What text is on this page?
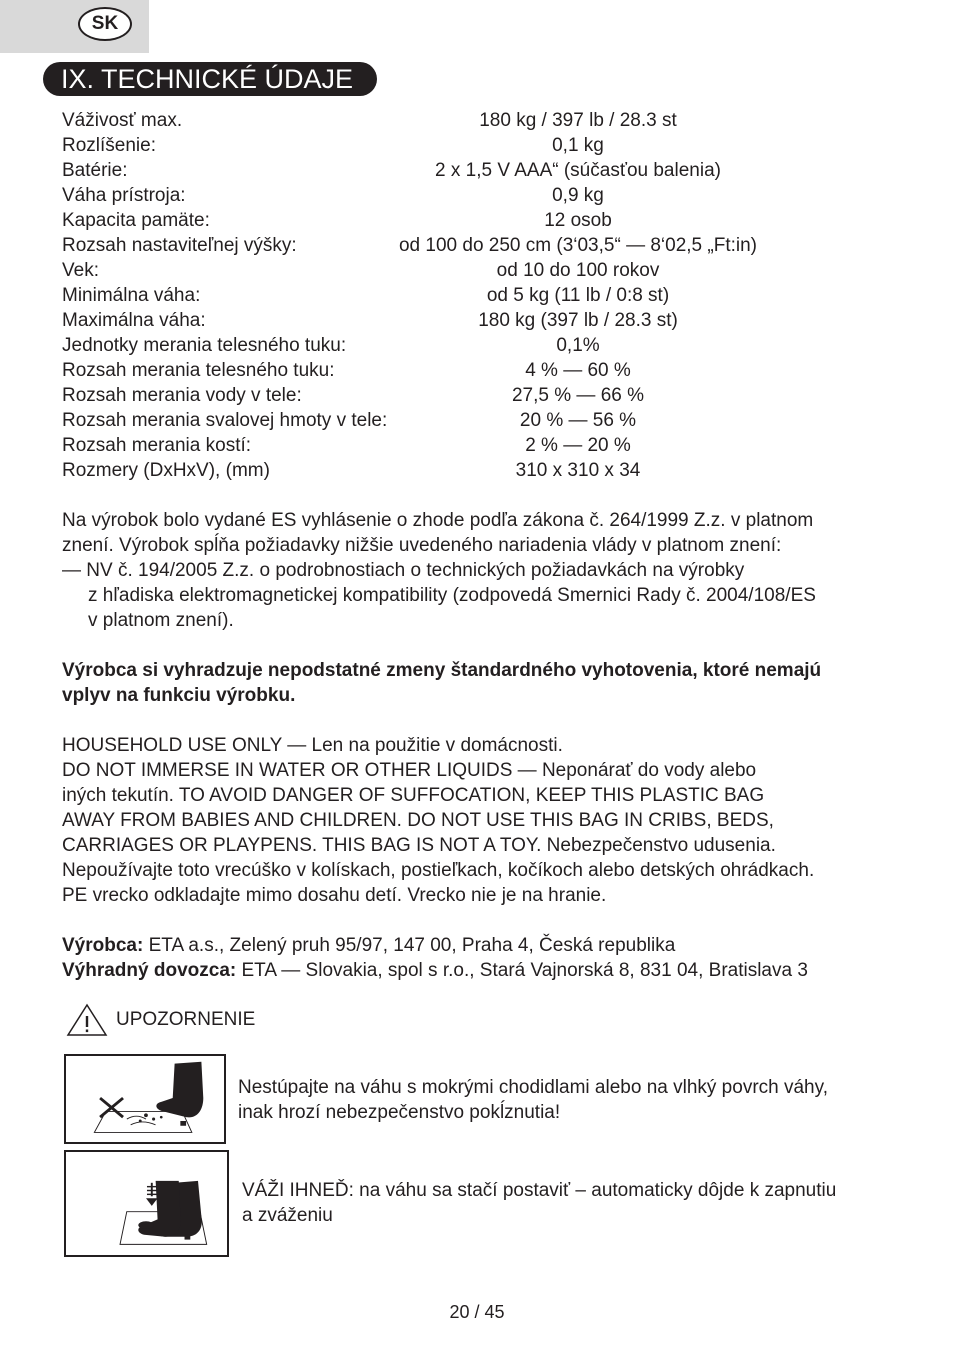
SK
IX. TECHNICKÉ ÚDAJE
Váživosť max.	180 kg / 397 lb / 28.3 st
Rozlíšenie:	0,1 kg
Batérie:	2 x 1,5 V AAA“ (súčasťou balenia)
Váha prístroja:	0,9 kg
Kapacita pamäte:	12 osob
Rozsah nastaviteľnej výšky:	od 100 do 250 cm (3‘03,5“ — 8‘02,5 „Ft:in)
Vek:	od 10 do 100 rokov
Minimálna váha:	od 5 kg (11 lb / 0:8 st)
Maximálna váha:	180 kg (397 lb / 28.3 st)
Jednotky merania telesného tuku:	0,1%
Rozsah merania telesného tuku:	4 % — 60 %
Rozsah merania vody v tele:	27,5 % — 66 %
Rozsah merania svalovej hmoty v tele:	20 % — 56 %
Rozsah merania kostí:	2 % — 20 %
Rozmery (DxHxV), (mm)	310 x 310 x 34

Na výrobok bolo vydané ES vyhlásenie o zhode podľa zákona č. 264/1999 Z.z. v platnom

znení. Výrobok spĺňa požiadavky nižšie uvedeného nariadenia vlády v platnom znení:

— NV č. 194/2005 Z.z. o podrobnostiach o technických požiadavkách na výrobky

z hľadiska elektromagnetickej kompatibility (zodpovedá Smernici Rady č. 2004/108/ES

v platnom znení).

Výrobca si vyhradzuje nepodstatné zmeny štandardného vyhotovenia, ktoré nemajú

vplyv na funkciu výrobku.

HOUSEHOLD USE ONLY — Len na použitie v domácnosti.

DO NOT IMMERSE IN WATER OR OTHER LIQUIDS — Neponárať do vody alebo

iných tekutín. TO AVOID DANGER OF SUFFOCATION, KEEP THIS PLASTIC BAG

AWAY FROM BABIES AND CHILDREN. DO NOT USE THIS BAG IN CRIBS, BEDS,

CARRIAGES OR PLAYPENS. THIS BAG IS NOT A TOY. Nebezpečenstvo udusenia.

Nepoužívajte toto vrecúško v kolískach, postieľkach, kočíkoch alebo detských ohrádkach.

PE vrecko odkladajte mimo dosahu detí. Vrecko nie je na hranie.

Výrobca: ETA a.s., Zelený pruh 95/97, 147 00, Praha 4, Česká republika

Výhradný dovozca: ETA — Slovakia, spol s r.o., Stará Vajnorská 8, 831 04, Bratislava 3

UPOZORNENIE

Nestúpajte na váhu s mokrými chodidlami alebo na vlhký povrch váhy,

inak hrozí nebezpečenstvo pokĺznutia!

VÁŽI IHNEĎ: na váhu sa stačí postaviť – automaticky dôjde k zapnutiu

a zváženiu

20 / 45
